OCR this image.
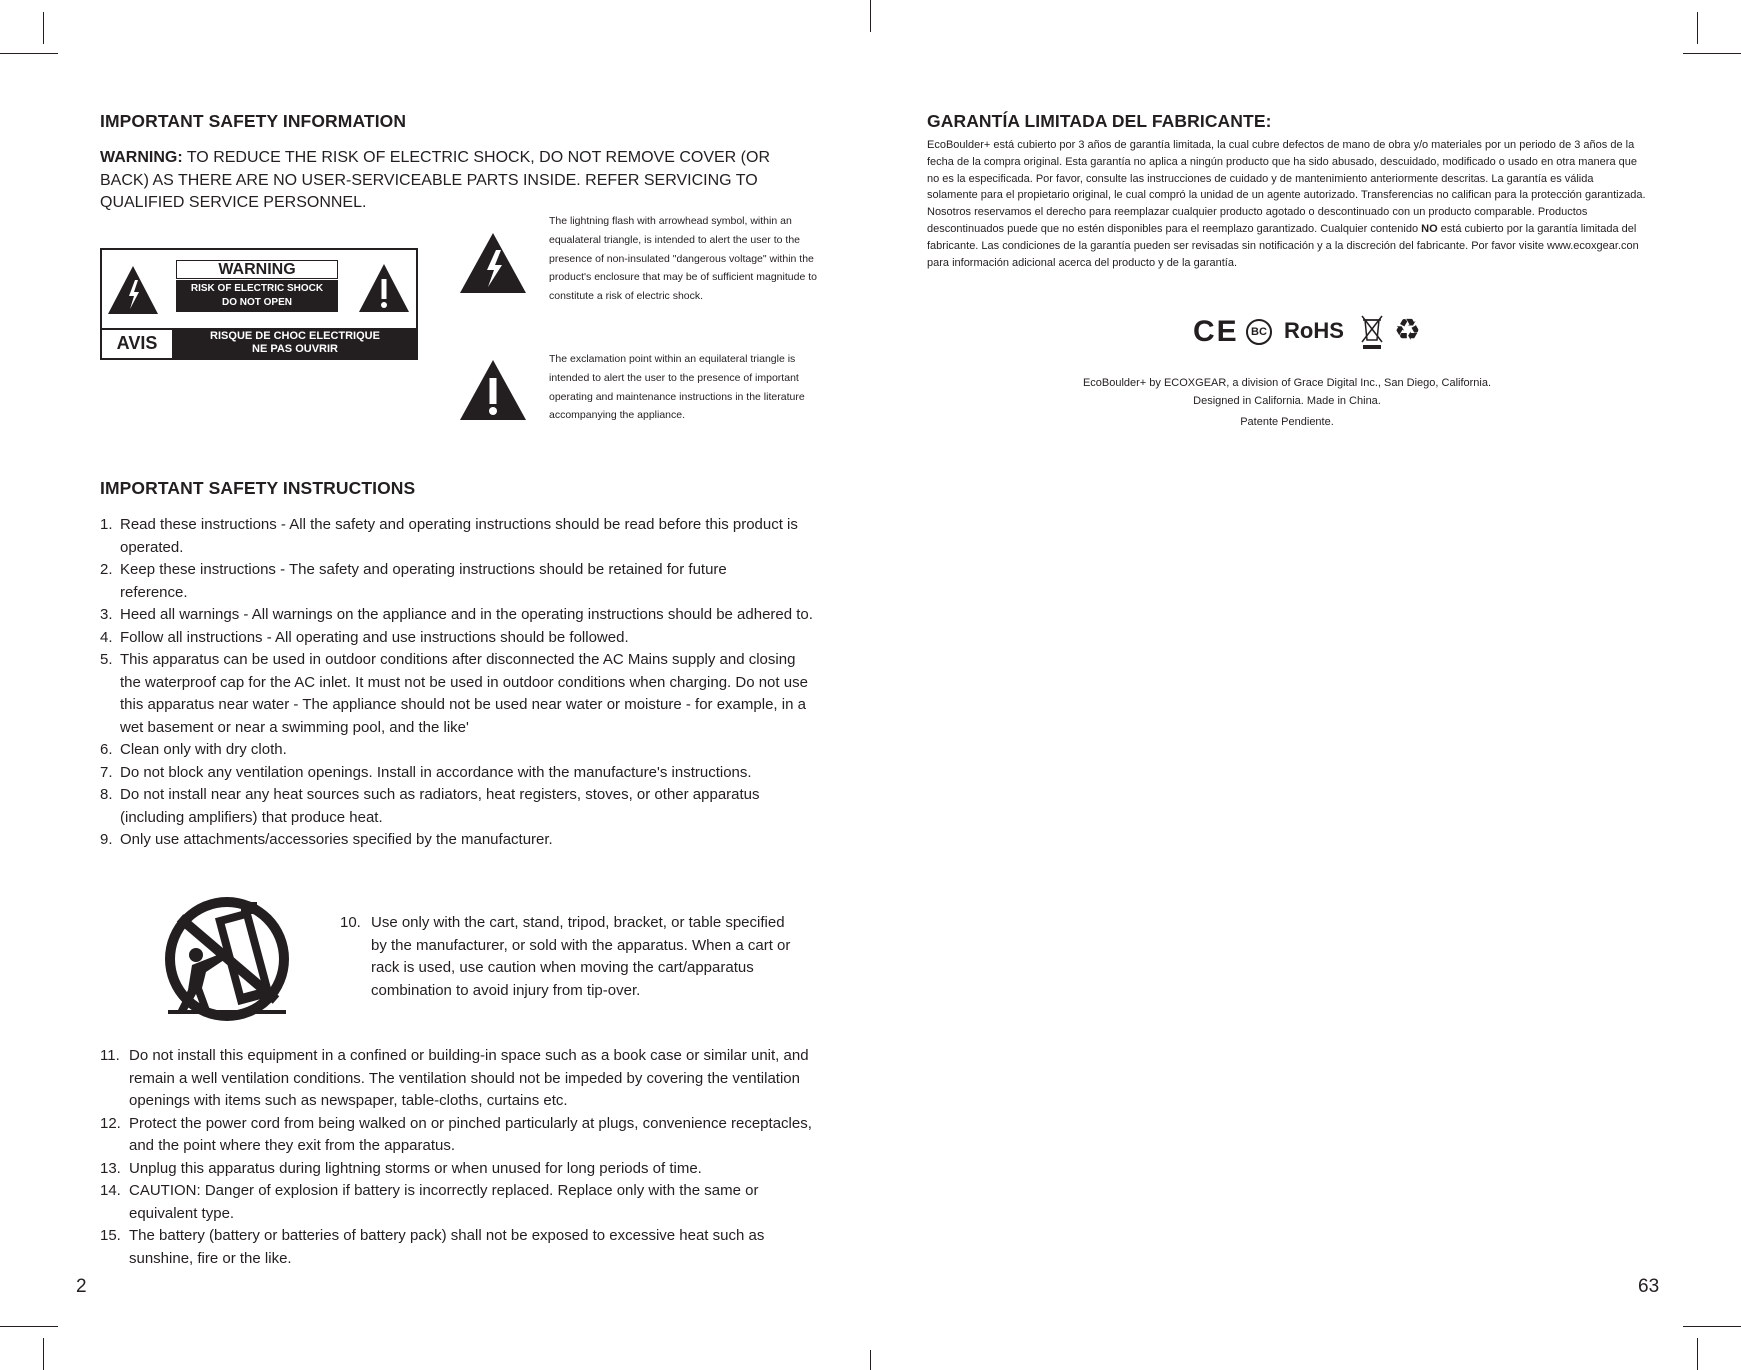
IMPORTANT SAFETY INFORMATION
WARNING: TO REDUCE THE RISK OF ELECTRIC SHOCK, DO NOT REMOVE COVER (OR BACK) AS THERE ARE NO USER-SERVICEABLE PARTS INSIDE. REFER SERVICING TO QUALIFIED SERVICE PERSONNEL.
WARNING
RISK OF ELECTRIC SHOCK
DO NOT OPEN
AVIS	RISQUE DE CHOC ELECTRIQUE
NE PAS OUVRIR
The lightning flash with arrowhead symbol, within an equalateral triangle, is intended to alert the user to the presence of non-insulated "dangerous voltage" within the product's enclosure that may be of sufficient magnitude to constitute a risk of electric shock.
The exclamation point within an equilateral triangle is intended to alert the user to the presence of important operating and maintenance instructions in the literature accompanying the appliance.
IMPORTANT SAFETY INSTRUCTIONS
1. Read these instructions - All the safety and operating instructions should be read before this product is operated.
2. Keep these instructions - The safety and operating instructions should be retained for future reference.
3. Heed all warnings - All warnings on the appliance and in the operating instructions should be adhered to.
4. Follow all instructions - All operating and use instructions should be followed.
5. This apparatus can be used in outdoor conditions after disconnected the AC Mains supply and closing the waterproof cap for the AC inlet. It must not be used in outdoor conditions when charging. Do not use this apparatus near water - The appliance should not be used near water or moisture - for example, in a wet basement or near a swimming pool, and the like'
6. Clean only with dry cloth.
7. Do not block any ventilation openings. Install in accordance with the manufacture's instructions.
8. Do not install near any heat sources such as radiators, heat registers, stoves, or other apparatus (including amplifiers) that produce heat.
9. Only use attachments/accessories specified by the manufacturer.
10. Use only with the cart, stand, tripod, bracket, or table specified by the manufacturer, or sold with the apparatus. When a cart or rack is used, use caution when moving the cart/apparatus combination to avoid injury from tip-over.
11. Do not install this equipment in a confined or building-in space such as a book case or similar unit, and remain a well ventilation conditions. The ventilation should not be impeded by covering the ventilation openings with items such as newspaper, table-cloths, curtains etc.
12. Protect the power cord from being walked on or pinched particularly at plugs, convenience receptacles, and the point where they exit from the apparatus.
13. Unplug this apparatus during lightning storms or when unused for long periods of time.
14. CAUTION: Danger of explosion if battery is incorrectly replaced. Replace only with the same or equivalent type.
15. The battery (battery or batteries of battery pack) shall not be exposed to excessive heat such as sunshine, fire or the like.
2
GARANTÍA LIMITADA DEL FABRICANTE:
EcoBoulder+ está cubierto por 3 años de garantía limitada, la cual cubre defectos de mano de obra y/o materiales por un periodo de 3 años de la fecha de la compra original. Esta garantía no aplica a ningún producto que ha sido abusado, descuidado, modificado o usado en otra manera que no es la especificada. Por favor, consulte las instrucciones de cuidado y de mantenimiento anteriormente descritas. La garantía es válida solamente para el propietario original, le cual compró la unidad de un agente autorizado. Transferencias no califican para la protección garantizada. Nosotros reservamos el derecho para reemplazar cualquier producto agotado o descontinuado con un producto comparable. Productos descontinuados puede que no estén disponibles para el reemplazo garantizado. Cualquier contenido NO está cubierto por la garantía limitada del fabricante. Las condiciones de la garantía pueden ser revisadas sin notificación y a la discreción del fabricante. Por favor visite www.ecoxgear.con para información adicional acerca del producto y de la garantía.
CE	BC RoHS ♻
EcoBoulder+ by ECOXGEAR, a division of Grace Digital Inc., San Diego, California.
Designed in California. Made in China.
Patente Pendiente.
63
